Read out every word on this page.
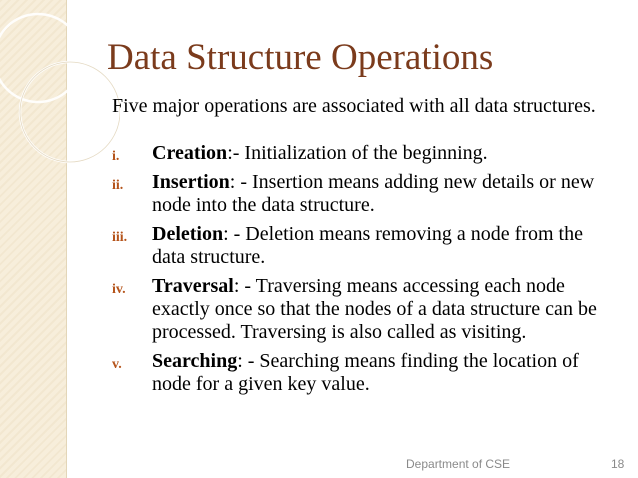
Data Structure Operations
Five major operations are associated with all data structures.
i. Creation:- Initialization of the beginning.
ii. Insertion: - Insertion means adding new details or new node into the data structure.
iii. Deletion: - Deletion means removing a node from the data structure.
iv. Traversal: - Traversing means accessing each node exactly once so that the nodes of a data structure can be processed. Traversing is also called as visiting.
v. Searching: - Searching means finding the location of node for a given key value.
Department of CSE	18
